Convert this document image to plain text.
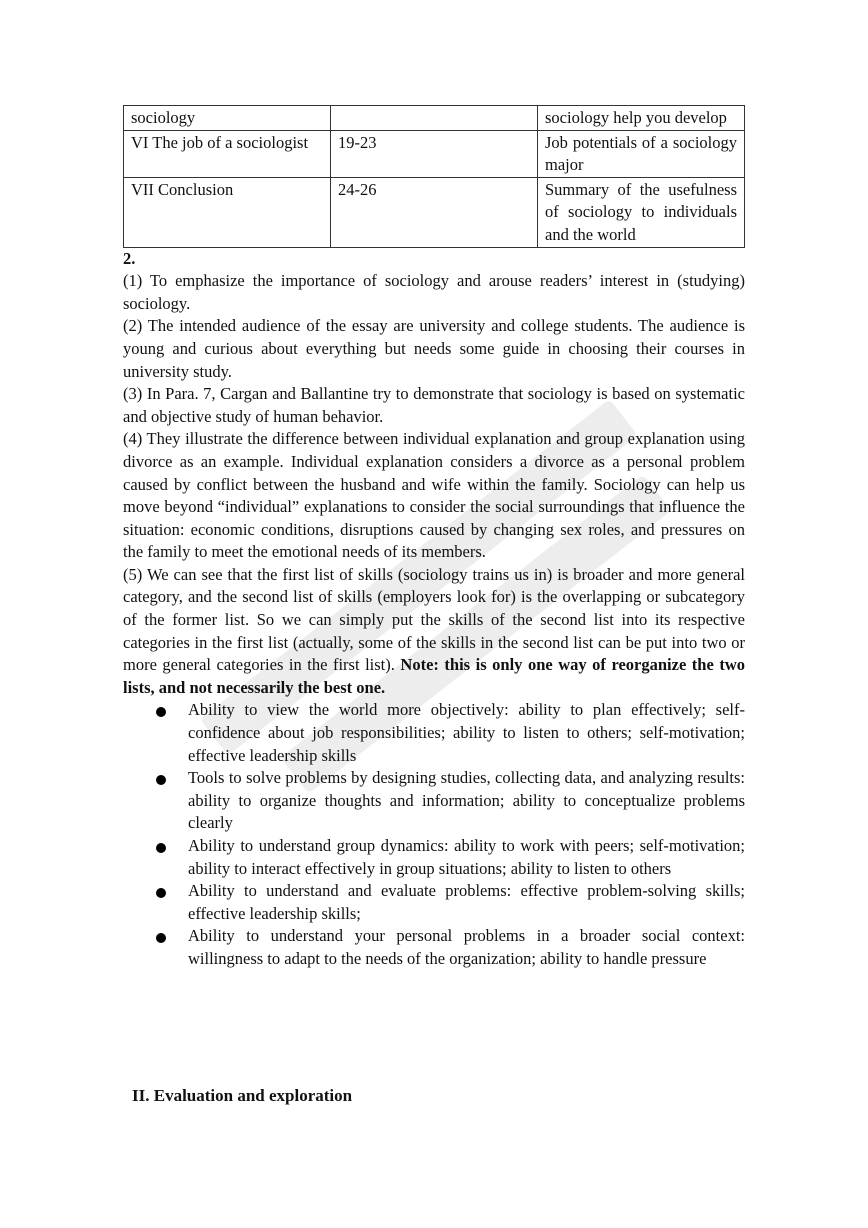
sociology		sociology help you develop
VI The job of a sociologist	19-23	Job potentials of a sociology major
VII Conclusion	24-26	Summary of the usefulness of sociology to individuals and the world
2.

(1) To emphasize the importance of sociology and arouse readers’ interest in (studying) sociology.

(2) The intended audience of the essay are university and college students. The audience is young and curious about everything but needs some guide in choosing their courses in university study.

(3) In Para. 7, Cargan and Ballantine try to demonstrate that sociology is based on systematic and objective study of human behavior.

(4) They illustrate the difference between individual explanation and group explanation using divorce as an example. Individual explanation considers a divorce as a personal problem caused by conflict between the husband and wife within the family. Sociology can help us move beyond “individual” explanations to consider the social surroundings that influence the situation: economic conditions, disruptions caused by changing sex roles, and pressures on the family to meet the emotional needs of its members.

(5) We can see that the first list of skills (sociology trains us in) is broader and more general category, and the second list of skills (employers look for) is the overlapping or subcategory of the former list. So we can simply put the skills of the second list into its respective categories in the first list (actually, some of the skills in the second list can be put into two or more general categories in the first list). Note: this is only one way of reorganize the two lists, and not necessarily the best one.

Ability to view the world more objectively: ability to plan effectively; self-confidence about job responsibilities; ability to listen to others; self-motivation; effective leadership skills
Tools to solve problems by designing studies, collecting data, and analyzing results: ability to organize thoughts and information; ability to conceptualize problems clearly
Ability to understand group dynamics: ability to work with peers; self-motivation; ability to interact effectively in group situations; ability to listen to others
Ability to understand and evaluate problems: effective problem-solving skills; effective leadership skills;
Ability to understand your personal problems in a broader social context: willingness to adapt to the needs of the organization; ability to handle pressure
II. Evaluation and exploration
